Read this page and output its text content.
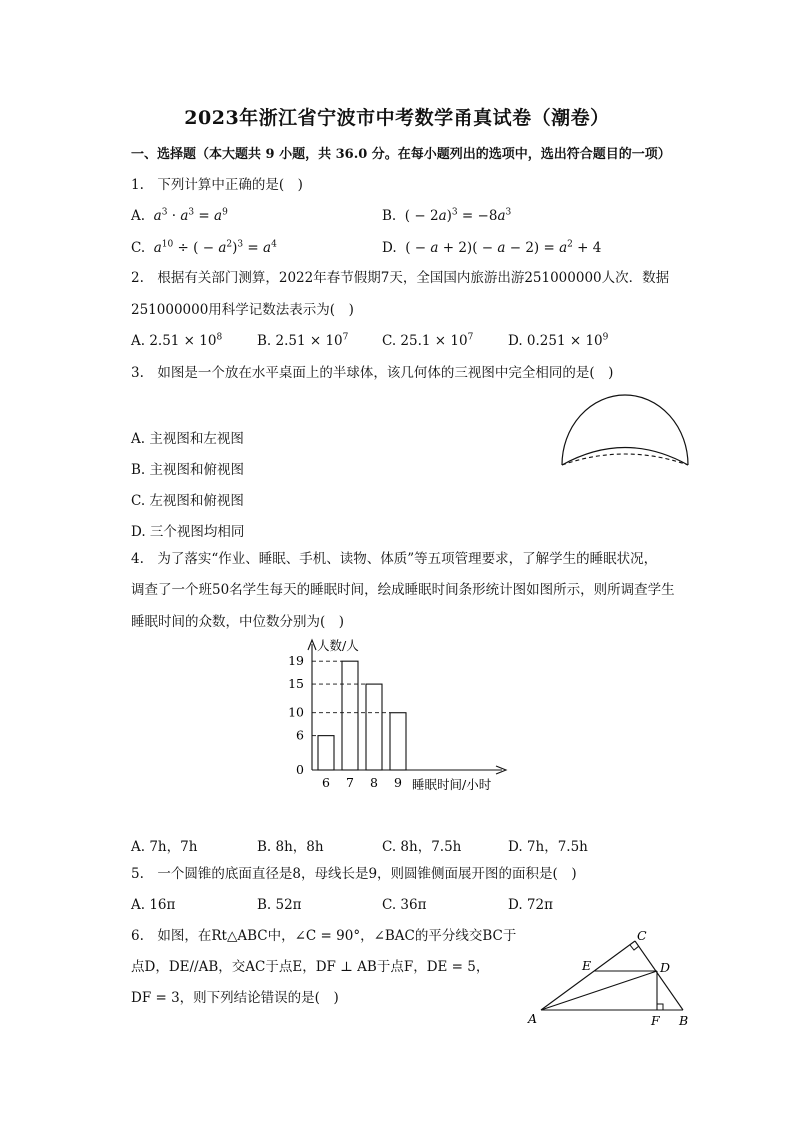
2023年浙江省宁波市中考数学甬真试卷（潮卷）
一、选择题（本大题共 9 小题，共 36.0 分。在每小题列出的选项中，选出符合题目的一项）
1.　下列计算中正确的是(　)
A. $a^3 \cdot a^3 = a^9$	B.  ( − $2a)^3 = -8a^3$
C. $a^{10}$ ÷ ( − $a^2)^3 = a^4$	D.  ( − $a + 2)( - a - 2) = a^2 + 4$
2.　根据有关部门测算，2022年春节假期7天，全国国内旅游出游251000000人次．数据
251000000用科学记数法表示为(　)
A. $2.51 \times 10^8$	B. $2.51 \times 10^7$ C. $25.1 \times 10^7$	D. $0.251 \times 10^9$
3.　如图是一个放在水平桌面上的半球体，该几何体的三视图中完全相同的是(　)
A. 主视图和左视图
B. 主视图和俯视图
C. 左视图和俯视图
D. 三个视图均相同
4.　为了落实“作业、睡眠、手机、读物、体质”等五项管理要求，了解学生的睡眠状况，
调查了一个班50名学生每天的睡眠时间，绘成睡眠时间条形统计图如图所示，则所调查学生
睡眠时间的众数，中位数分别为(　)
人数/人
睡眠时间/小时
19
15
10
6
0
6 7 8 9
A. 7h，7h	B. 8h，8h	C. 8h，7.5h	D. 7h，7.5h
5.　一个圆锥的底面直径是8，母线长是9，则圆锥侧面展开图的面积是(　)
A. 16π	B. 52π	C. 36π	D. 72π
6.　如图，在Rt△ABC中，∠C = 90°，∠BAC的平分线交BC于
点D，DE//AB，交AC于点E，DF ⊥ AB于点F，DE = 5，
DF = 3，则下列结论错误的是(　)
C
E	D
A	F B
